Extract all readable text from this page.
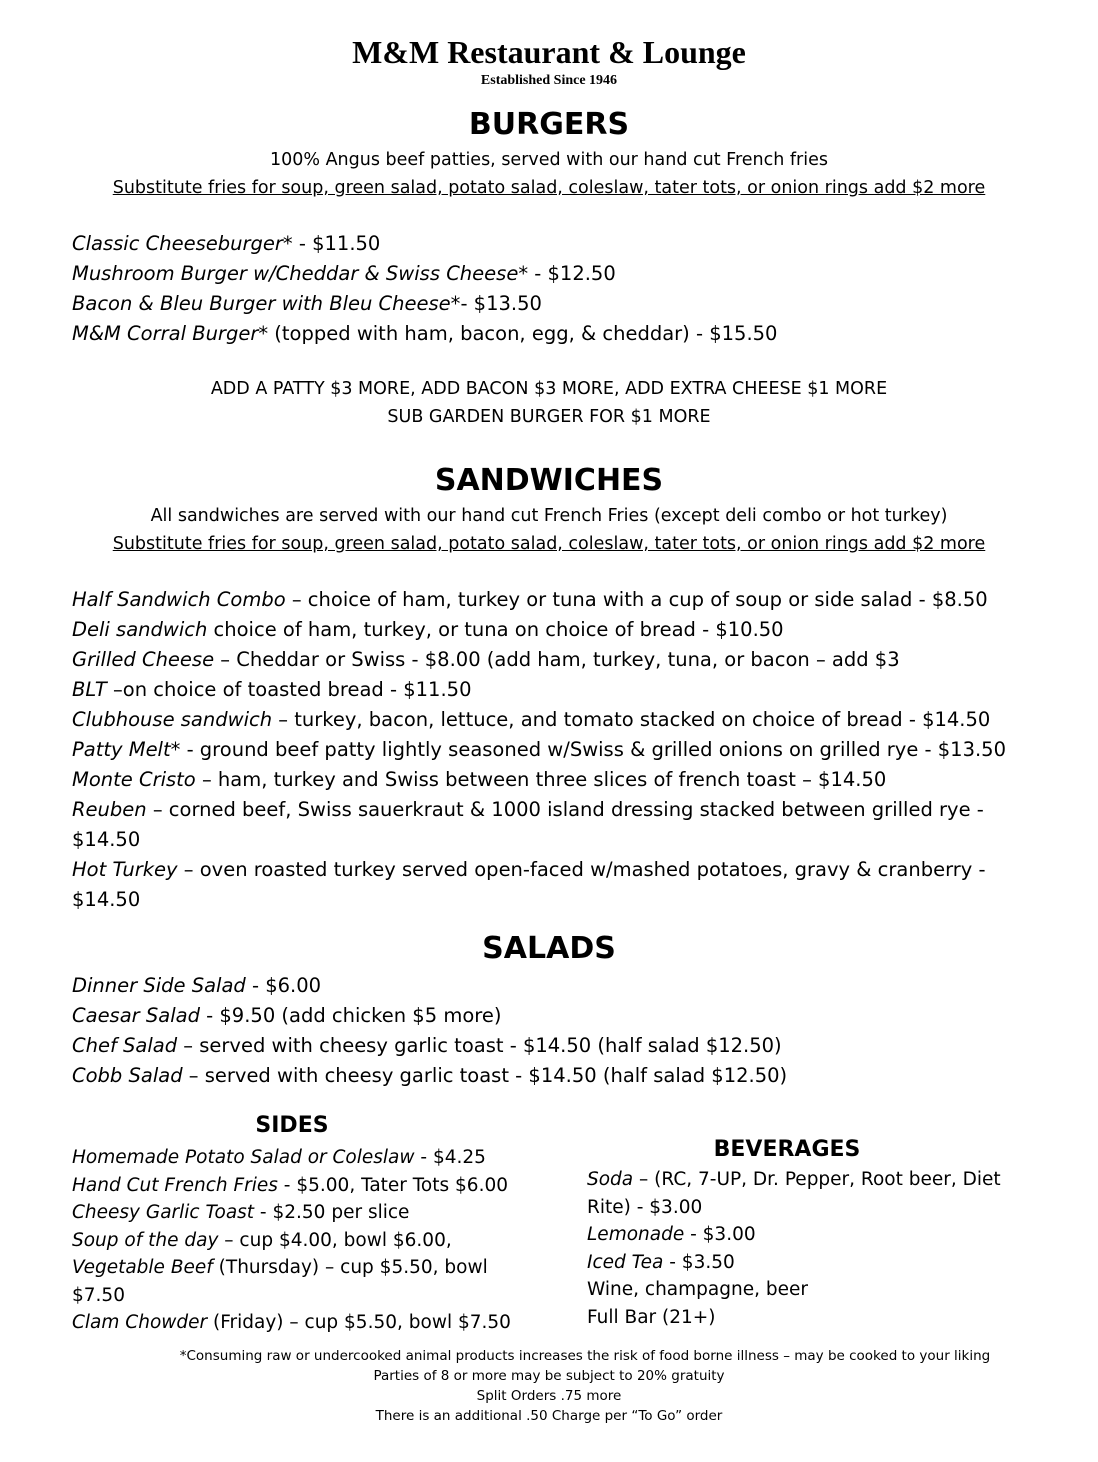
M&M Restaurant & Lounge
Established Since 1946
BURGERS
100% Angus beef patties, served with our hand cut French fries
Substitute fries for soup, green salad, potato salad, coleslaw, tater tots, or onion rings add $2 more
Classic Cheeseburger* - $11.50
Mushroom Burger w/Cheddar & Swiss Cheese* - $12.50
Bacon & Bleu Burger with Bleu Cheese*- $13.50
M&M Corral Burger* (topped with ham, bacon, egg, & cheddar) - $15.50
ADD A PATTY $3 MORE, ADD BACON $3 MORE, ADD EXTRA CHEESE $1 MORE
SUB GARDEN BURGER FOR $1 MORE
SANDWICHES
All sandwiches are served with our hand cut French Fries (except deli combo or hot turkey)
Substitute fries for soup, green salad, potato salad, coleslaw, tater tots, or onion rings add $2 more
Half Sandwich Combo – choice of ham, turkey or tuna with a cup of soup or side salad - $8.50
Deli sandwich choice of ham, turkey, or tuna on choice of bread - $10.50
Grilled Cheese – Cheddar or Swiss - $8.00 (add ham, turkey, tuna, or bacon – add $3
BLT –on choice of toasted bread - $11.50
Clubhouse sandwich – turkey, bacon, lettuce, and tomato stacked on choice of bread - $14.50
Patty Melt* - ground beef patty lightly seasoned w/Swiss & grilled onions on grilled rye - $13.50
Monte Cristo – ham, turkey and Swiss between three slices of french toast – $14.50
Reuben – corned beef, Swiss sauerkraut & 1000 island dressing stacked between grilled rye - $14.50
Hot Turkey – oven roasted turkey served open-faced w/mashed potatoes, gravy & cranberry - $14.50
SALADS
Dinner Side Salad - $6.00
Caesar Salad - $9.50 (add chicken $5 more)
Chef Salad – served with cheesy garlic toast - $14.50 (half salad $12.50)
Cobb Salad – served with cheesy garlic toast - $14.50 (half salad $12.50)
SIDES
Homemade Potato Salad or Coleslaw - $4.25
Hand Cut French Fries - $5.00, Tater Tots $6.00
Cheesy Garlic Toast - $2.50 per slice
Soup of the day – cup $4.00, bowl $6.00,
Vegetable Beef (Thursday) – cup $5.50, bowl
$7.50
Clam Chowder (Friday) – cup $5.50, bowl $7.50
BEVERAGES
Soda – (RC, 7-UP, Dr. Pepper, Root beer, Diet
Rite) - $3.00
Lemonade - $3.00
Iced Tea - $3.50
Wine, champagne, beer
Full Bar (21+)
*Consuming raw or undercooked animal products increases the risk of food borne illness – may be cooked to your liking
Parties of 8 or more may be subject to 20% gratuity
Split Orders .75 more
There is an additional .50 Charge per “To Go” order
